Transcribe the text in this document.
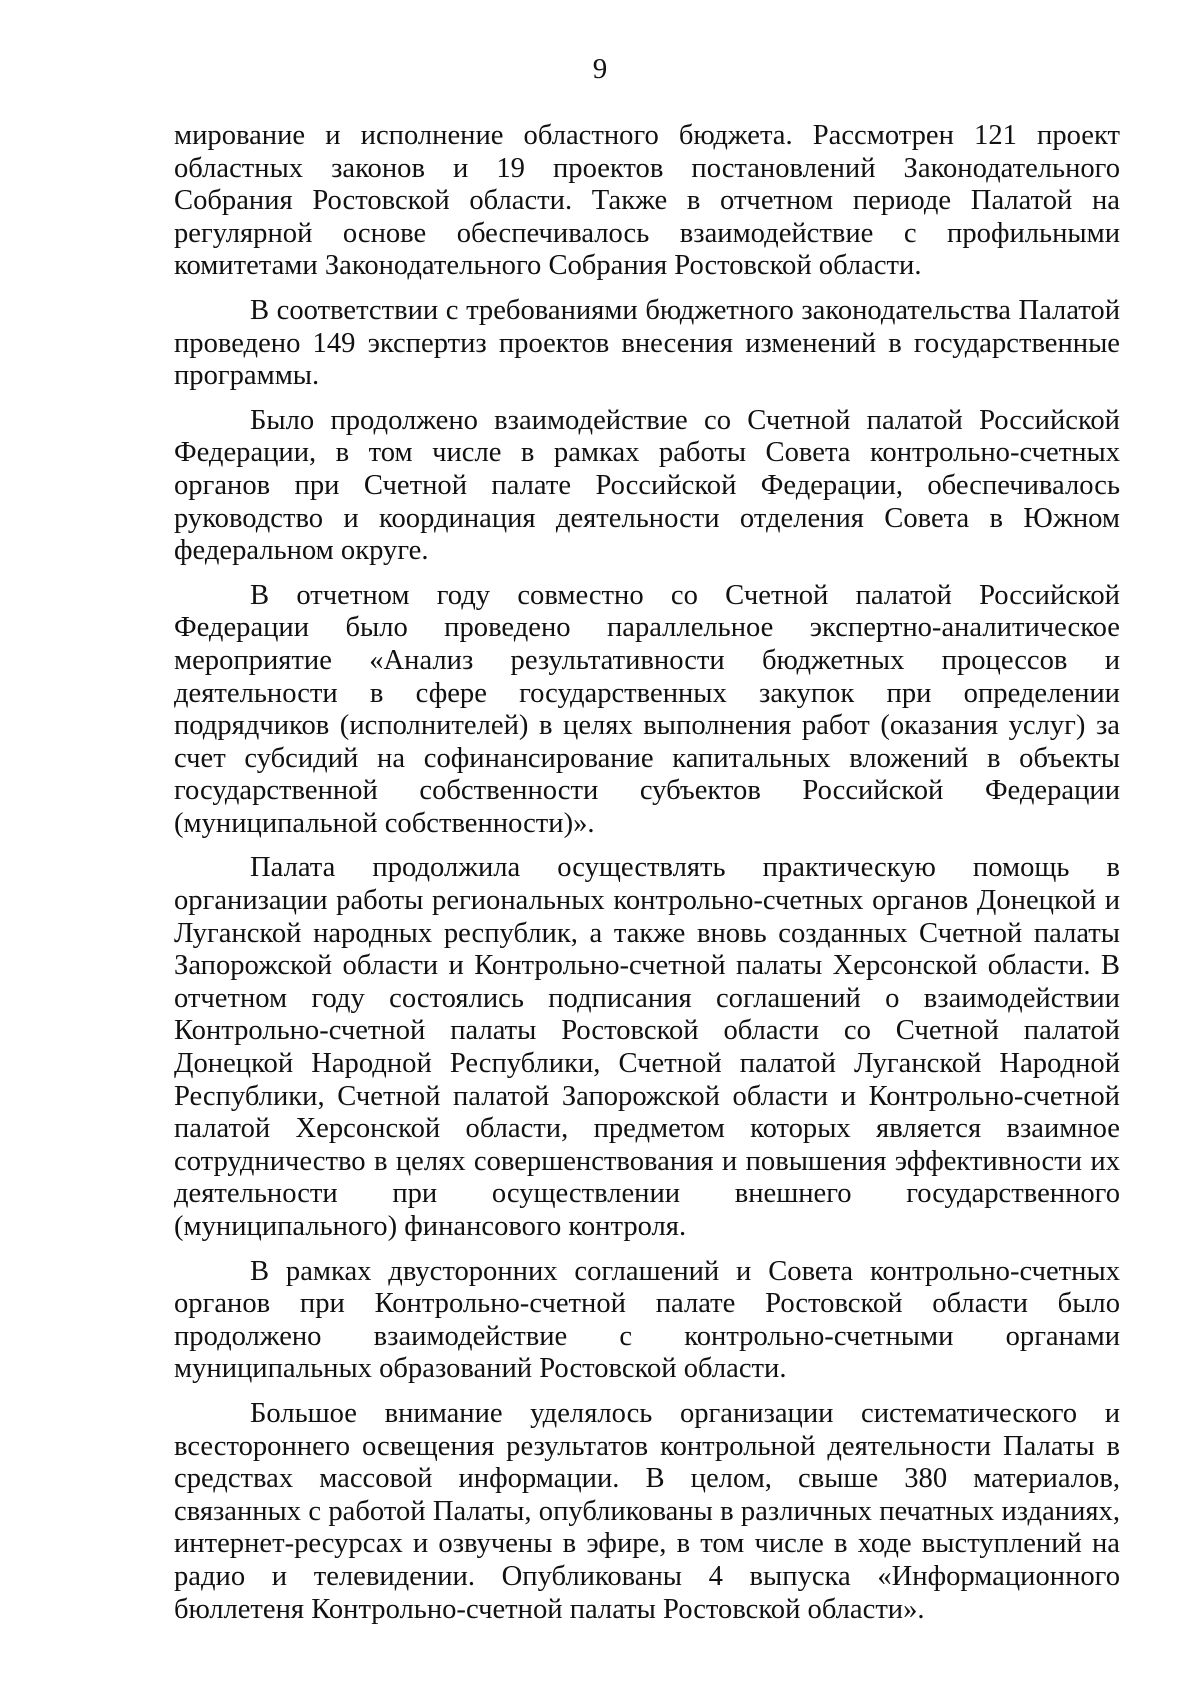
9

мирование и исполнение областного бюджета. Рассмотрен 121 проект областных законов и 19 проектов постановлений Законодательного Собрания Ростовской области. Также в отчетном периоде Палатой на регулярной основе обеспечивалось взаимодействие с профильными комитетами Законодательного Собрания Ростовской области.

В соответствии с требованиями бюджетного законодательства Палатой проведено 149 экспертиз проектов внесения изменений в государственные программы.

Было продолжено взаимодействие со Счетной палатой Российской Федерации, в том числе в рамках работы Совета контрольно-счетных органов при Счетной палате Российской Федерации, обеспечивалось руководство и координация деятельности отделения Совета в Южном федеральном округе.

В отчетном году совместно со Счетной палатой Российской Федерации было проведено параллельное экспертно-аналитическое мероприятие «Анализ результативности бюджетных процессов и деятельности в сфере государственных закупок при определении подрядчиков (исполнителей) в целях выполнения работ (оказания услуг) за счет субсидий на софинансирование капитальных вложений в объекты государственной собственности субъектов Российской Федерации (муниципальной собственности)».

Палата продолжила осуществлять практическую помощь в организации работы региональных контрольно-счетных органов Донецкой и Луганской народных республик, а также вновь созданных Счетной палаты Запорожской области и Контрольно-счетной палаты Херсонской области. В отчетном году состоялись подписания соглашений о взаимодействии Контрольно-счетной палаты Ростовской области со Счетной палатой Донецкой Народной Республики, Счетной палатой Луганской Народной Республики, Счетной палатой Запорожской области и Контрольно-счетной палатой Херсонской области, предметом которых является взаимное сотрудничество в целях совершенствования и повышения эффективности их деятельности при осуществлении внешнего государственного (муниципального) финансового контроля.

В рамках двусторонних соглашений и Совета контрольно-счетных органов при Контрольно-счетной палате Ростовской области было продолжено взаимодействие с контрольно-счетными органами муниципальных образований Ростовской области.

Большое внимание уделялось организации систематического и всестороннего освещения результатов контрольной деятельности Палаты в средствах массовой информации. В целом, свыше 380 материалов, связанных с работой Палаты, опубликованы в различных печатных изданиях, интернет-ресурсах и озвучены в эфире, в том числе в ходе выступлений на радио и телевидении. Опубликованы 4 выпуска «Информационного бюллетеня Контрольно-счетной палаты Ростовской области».
